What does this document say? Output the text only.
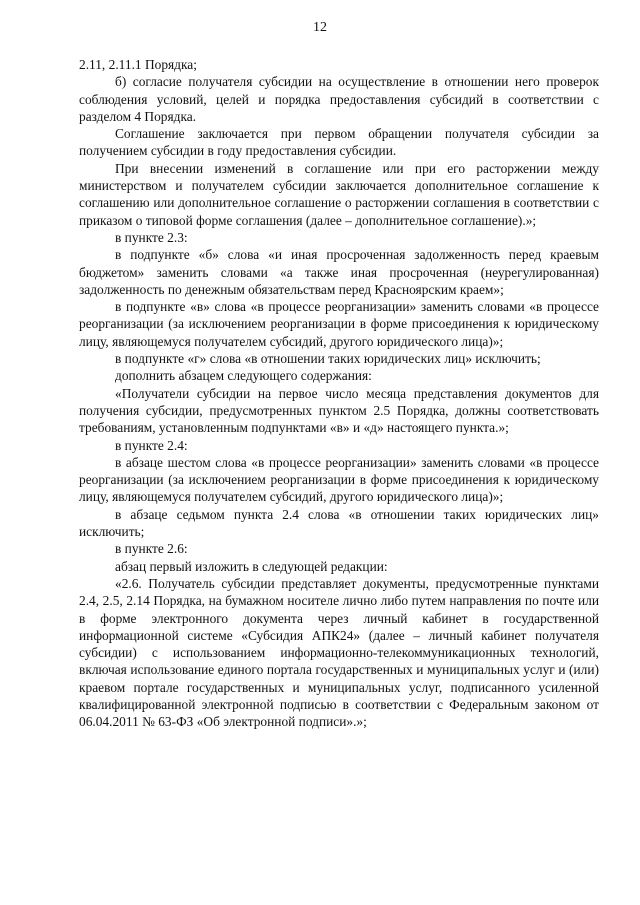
12

2.11, 2.11.1 Порядка;

б) согласие получателя субсидии на осуществление в отношении него проверок соблюдения условий, целей и порядка предоставления субсидий в соответствии с разделом 4 Порядка.

Соглашение заключается при первом обращении получателя субсидии за получением субсидии в году предоставления субсидии.

При внесении изменений в соглашение или при его расторжении между министерством и получателем субсидии заключается дополнительное соглашение к соглашению или дополнительное соглашение о расторжении соглашения в соответствии с приказом о типовой форме соглашения (далее – дополнительное соглашение).»;

в пункте 2.3:

в подпункте «б» слова «и иная просроченная задолженность перед краевым бюджетом» заменить словами «а также иная просроченная (неурегулированная) задолженность по денежным обязательствам перед Красноярским краем»;

в подпункте «в» слова «в процессе реорганизации» заменить словами «в процессе реорганизации (за исключением реорганизации в форме присоединения к юридическому лицу, являющемуся получателем субсидий, другого юридического лица)»;

в подпункте «г» слова «в отношении таких юридических лиц» исключить;

дополнить абзацем следующего содержания:

«Получатели субсидии на первое число месяца представления документов для получения субсидии, предусмотренных пунктом 2.5 Порядка, должны соответствовать требованиям, установленным подпунктами «в» и «д» настоящего пункта.»;

в пункте 2.4:

в абзаце шестом слова «в процессе реорганизации» заменить словами «в процессе реорганизации (за исключением реорганизации в форме присоединения к юридическому лицу, являющемуся получателем субсидий, другого юридического лица)»;

в абзаце седьмом пункта 2.4 слова «в отношении таких юридических лиц» исключить;

в пункте 2.6:

абзац первый изложить в следующей редакции:

«2.6. Получатель субсидии представляет документы, предусмотренные пунктами 2.4, 2.5, 2.14 Порядка, на бумажном носителе лично либо путем направления по почте или в форме электронного документа через личный кабинет в государственной информационной системе «Субсидия АПК24» (далее – личный кабинет получателя субсидии) с использованием информационно-телекоммуникационных технологий, включая использование единого портала государственных и муниципальных услуг и (или) краевом портале государственных и муниципальных услуг, подписанного усиленной квалифицированной электронной подписью в соответствии с Федеральным законом от 06.04.2011 № 63-ФЗ «Об электронной подписи».»;
